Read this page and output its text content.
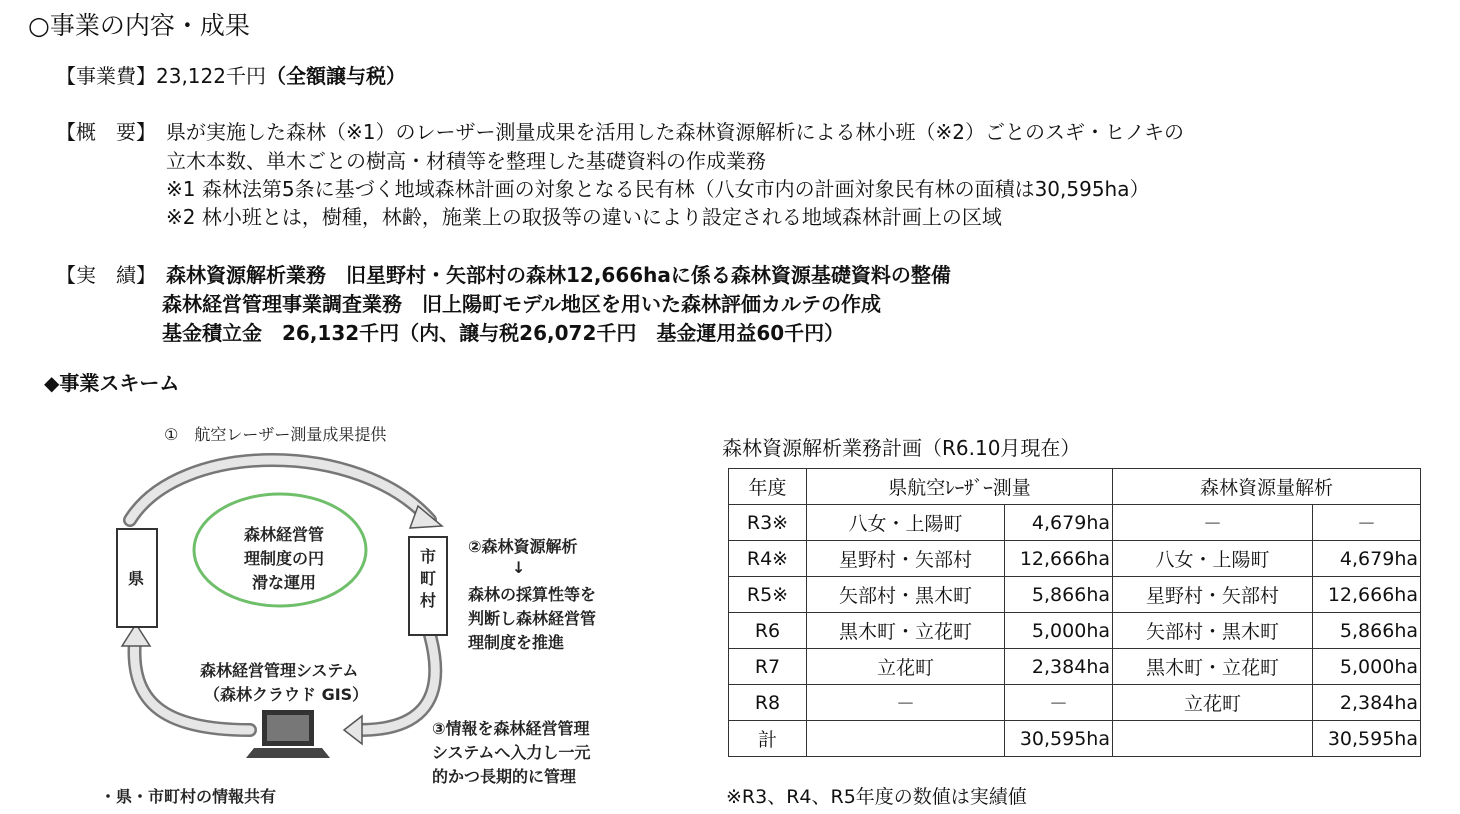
○事業の内容・成果
【事業費】23,122千円（全額譲与税）
【概　要】 県が実施した森林（※1）のレーザー測量成果を活用した森林資源解析による林小班（※2）ごとのスギ・ヒノキの
立木本数、単木ごとの樹高・材積等を整理した基礎資料の作成業務
※1 森林法第5条に基づく地域森林計画の対象となる民有林（八女市内の計画対象民有林の面積は30,595ha）
※2 林小班とは，樹種，林齢，施業上の取扱等の違いにより設定される地域森林計画上の区域
【実　績】 森林資源解析業務　旧星野村・矢部村の森林12,666haに係る森林資源基礎資料の整備
森林経営管理事業調査業務　旧上陽町モデル地区を用いた森林評価カルテの作成
基金積立金　26,132千円（内、譲与税26,072千円　基金運用益60千円）
◆事業スキーム
①　航空レーザー測量成果提供
県
市町村
森林経営管
理制度の円
滑な運用
②森林資源解析
↓
森林の採算性等を
判断し森林経営管
理制度を推進
森林経営管理システム
（森林クラウド GIS）
③情報を森林経営管理
システムへ入力し一元
的かつ長期的に管理
・県・市町村の情報共有
森林資源解析業務計画（R6.10月現在）
年度	県航空ﾚｰｻﾞｰ測量		森林資源量解析	
R3※	八女・上陽町	4,679ha	－	－
R4※	星野村・矢部村	12,666ha	八女・上陽町	4,679ha
R5※	矢部村・黒木町	5,866ha	星野村・矢部村	12,666ha
R6	黒木町・立花町	5,000ha	矢部村・黒木町	5,866ha
R7	立花町	2,384ha	黒木町・立花町	5,000ha
R8	－	－	立花町	2,384ha
計		30,595ha		30,595ha
※R3、R4、R5年度の数値は実績値
